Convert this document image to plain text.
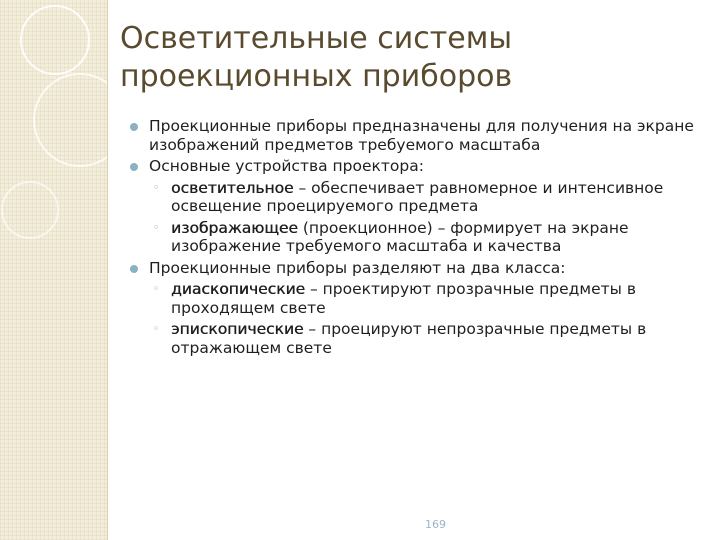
Осветительные системы
проекционных приборов
Проекционные приборы предназначены для получения на экране изображений предметов требуемого масштаба
Основные устройства проектора:
◦ осветительное – обеспечивает равномерное и интенсивное освещение проецируемого предмета
◦ изображающее (проекционное) – формирует на экране изображение требуемого масштаба и качества
Проекционные приборы разделяют на два класса:
◦ диаскопические – проектируют прозрачные предметы в проходящем свете
◦ эпископические – проецируют непрозрачные предметы в отражающем свете
169
